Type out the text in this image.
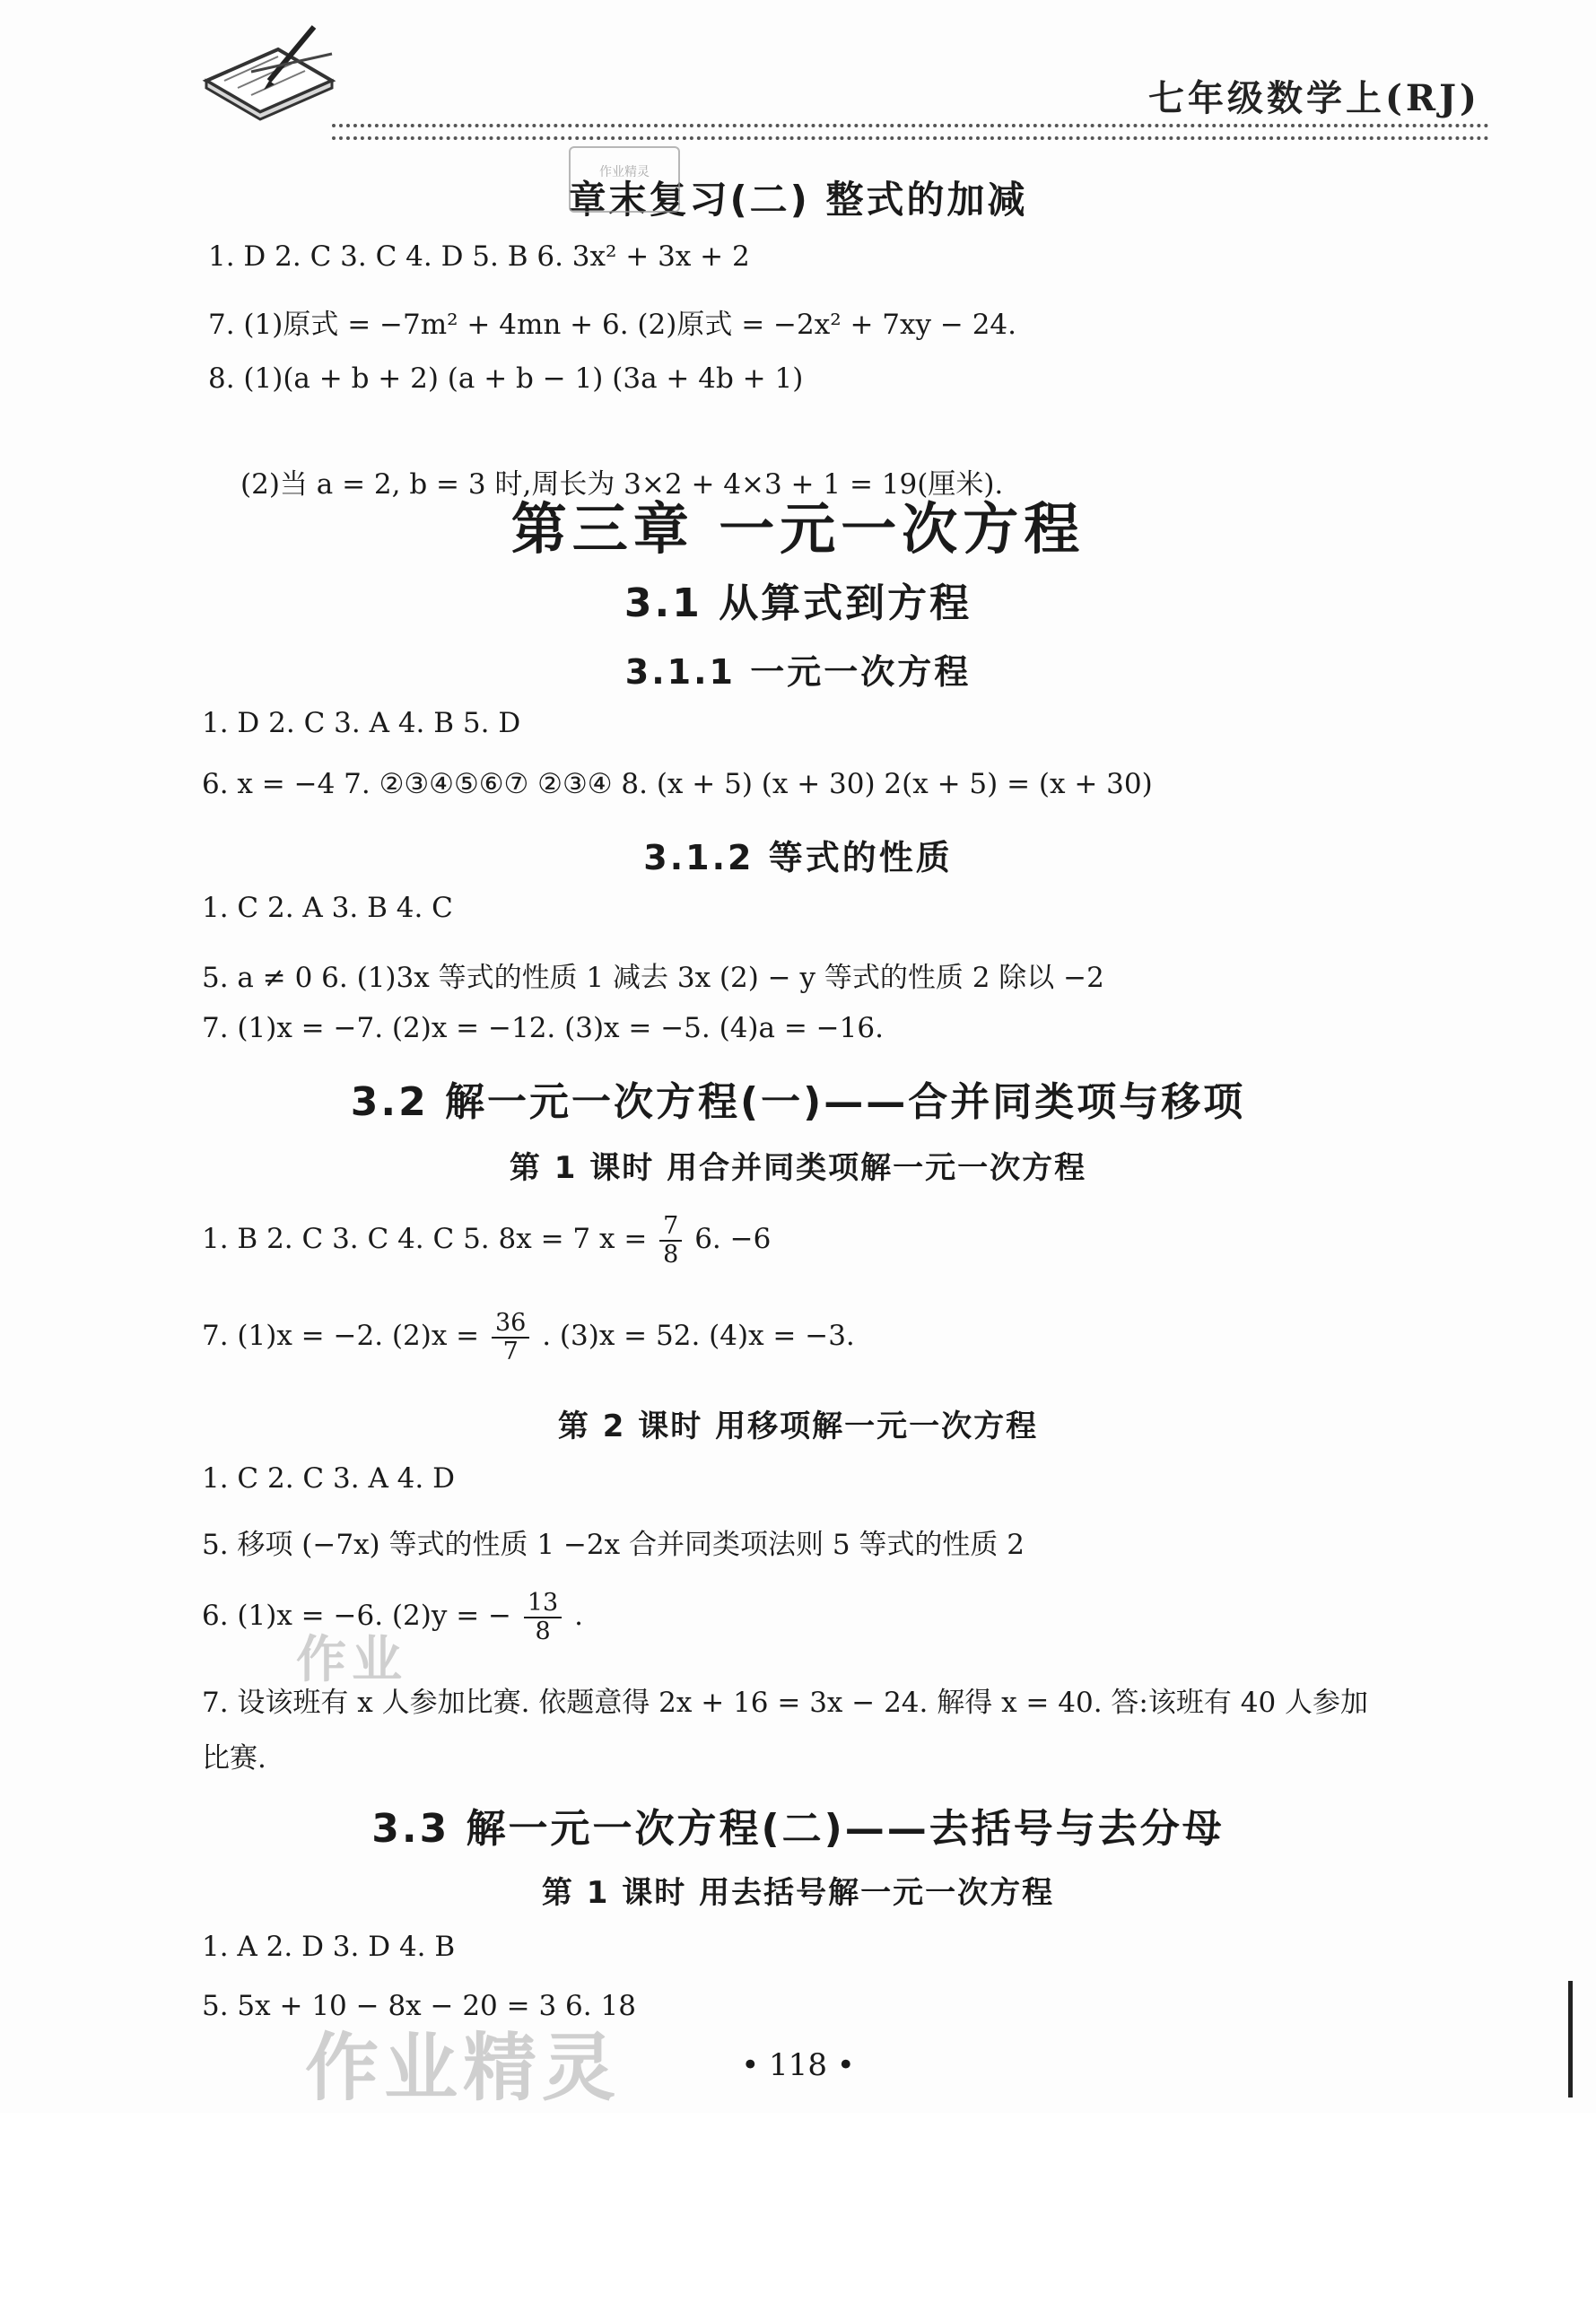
七年级数学上(RJ)
章末复习(二) 整式的加减

作业精灵
1. D 2. C 3. C 4. D 5. B 6. 3x² + 3x + 2
7. (1)原式 = −7m² + 4mn + 6. (2)原式 = −2x² + 7xy − 24.
8. (1)(a + b + 2) (a + b − 1) (3a + 4b + 1)
(2)当 a = 2, b = 3 时,周长为 3×2 + 4×3 + 1 = 19(厘米).
第三章 一元一次方程
3.1 从算式到方程
3.1.1 一元一次方程
1. D 2. C 3. A 4. B 5. D
6. x = −4 7. ②③④⑤⑥⑦ ②③④ 8. (x + 5) (x + 30) 2(x + 5) = (x + 30)
3.1.2 等式的性质
1. C 2. A 3. B 4. C
5. a ≠ 0 6. (1)3x 等式的性质 1 减去 3x (2) − y 等式的性质 2 除以 −2
7. (1)x = −7. (2)x = −12. (3)x = −5. (4)a = −16.
3.2 解一元一次方程(一)——合并同类项与移项
第 1 课时 用合并同类项解一元一次方程
1. B 2. C 3. C 4. C 5. 8x = 7 $x = \frac{7}{8} 6$. −6
7. (1)x = −2. $(2)x = \frac{36}{7}$ . (3)x = 52. (4)x = −3.
第 2 课时 用移项解一元一次方程
1. C 2. C 3. A 4. D
5. 移项 (−7x) 等式的性质 1 −2x 合并同类项法则 5 等式的性质 2
6. (1)x = −6. (2)y = − $\frac{13}{8}$ .
7. 设该班有 x 人参加比赛. 依题意得 2x + 16 = 3x − 24. 解得 x = 40. 答:该班有 40 人参加
比赛.
3.3 解一元一次方程(二)——去括号与去分母
第 1 课时 用去括号解一元一次方程
1. A 2. D 3. D 4. B
5. 5x + 10 − 8x − 20 = 3 6. 18
• 118 •
作业
作业精灵
